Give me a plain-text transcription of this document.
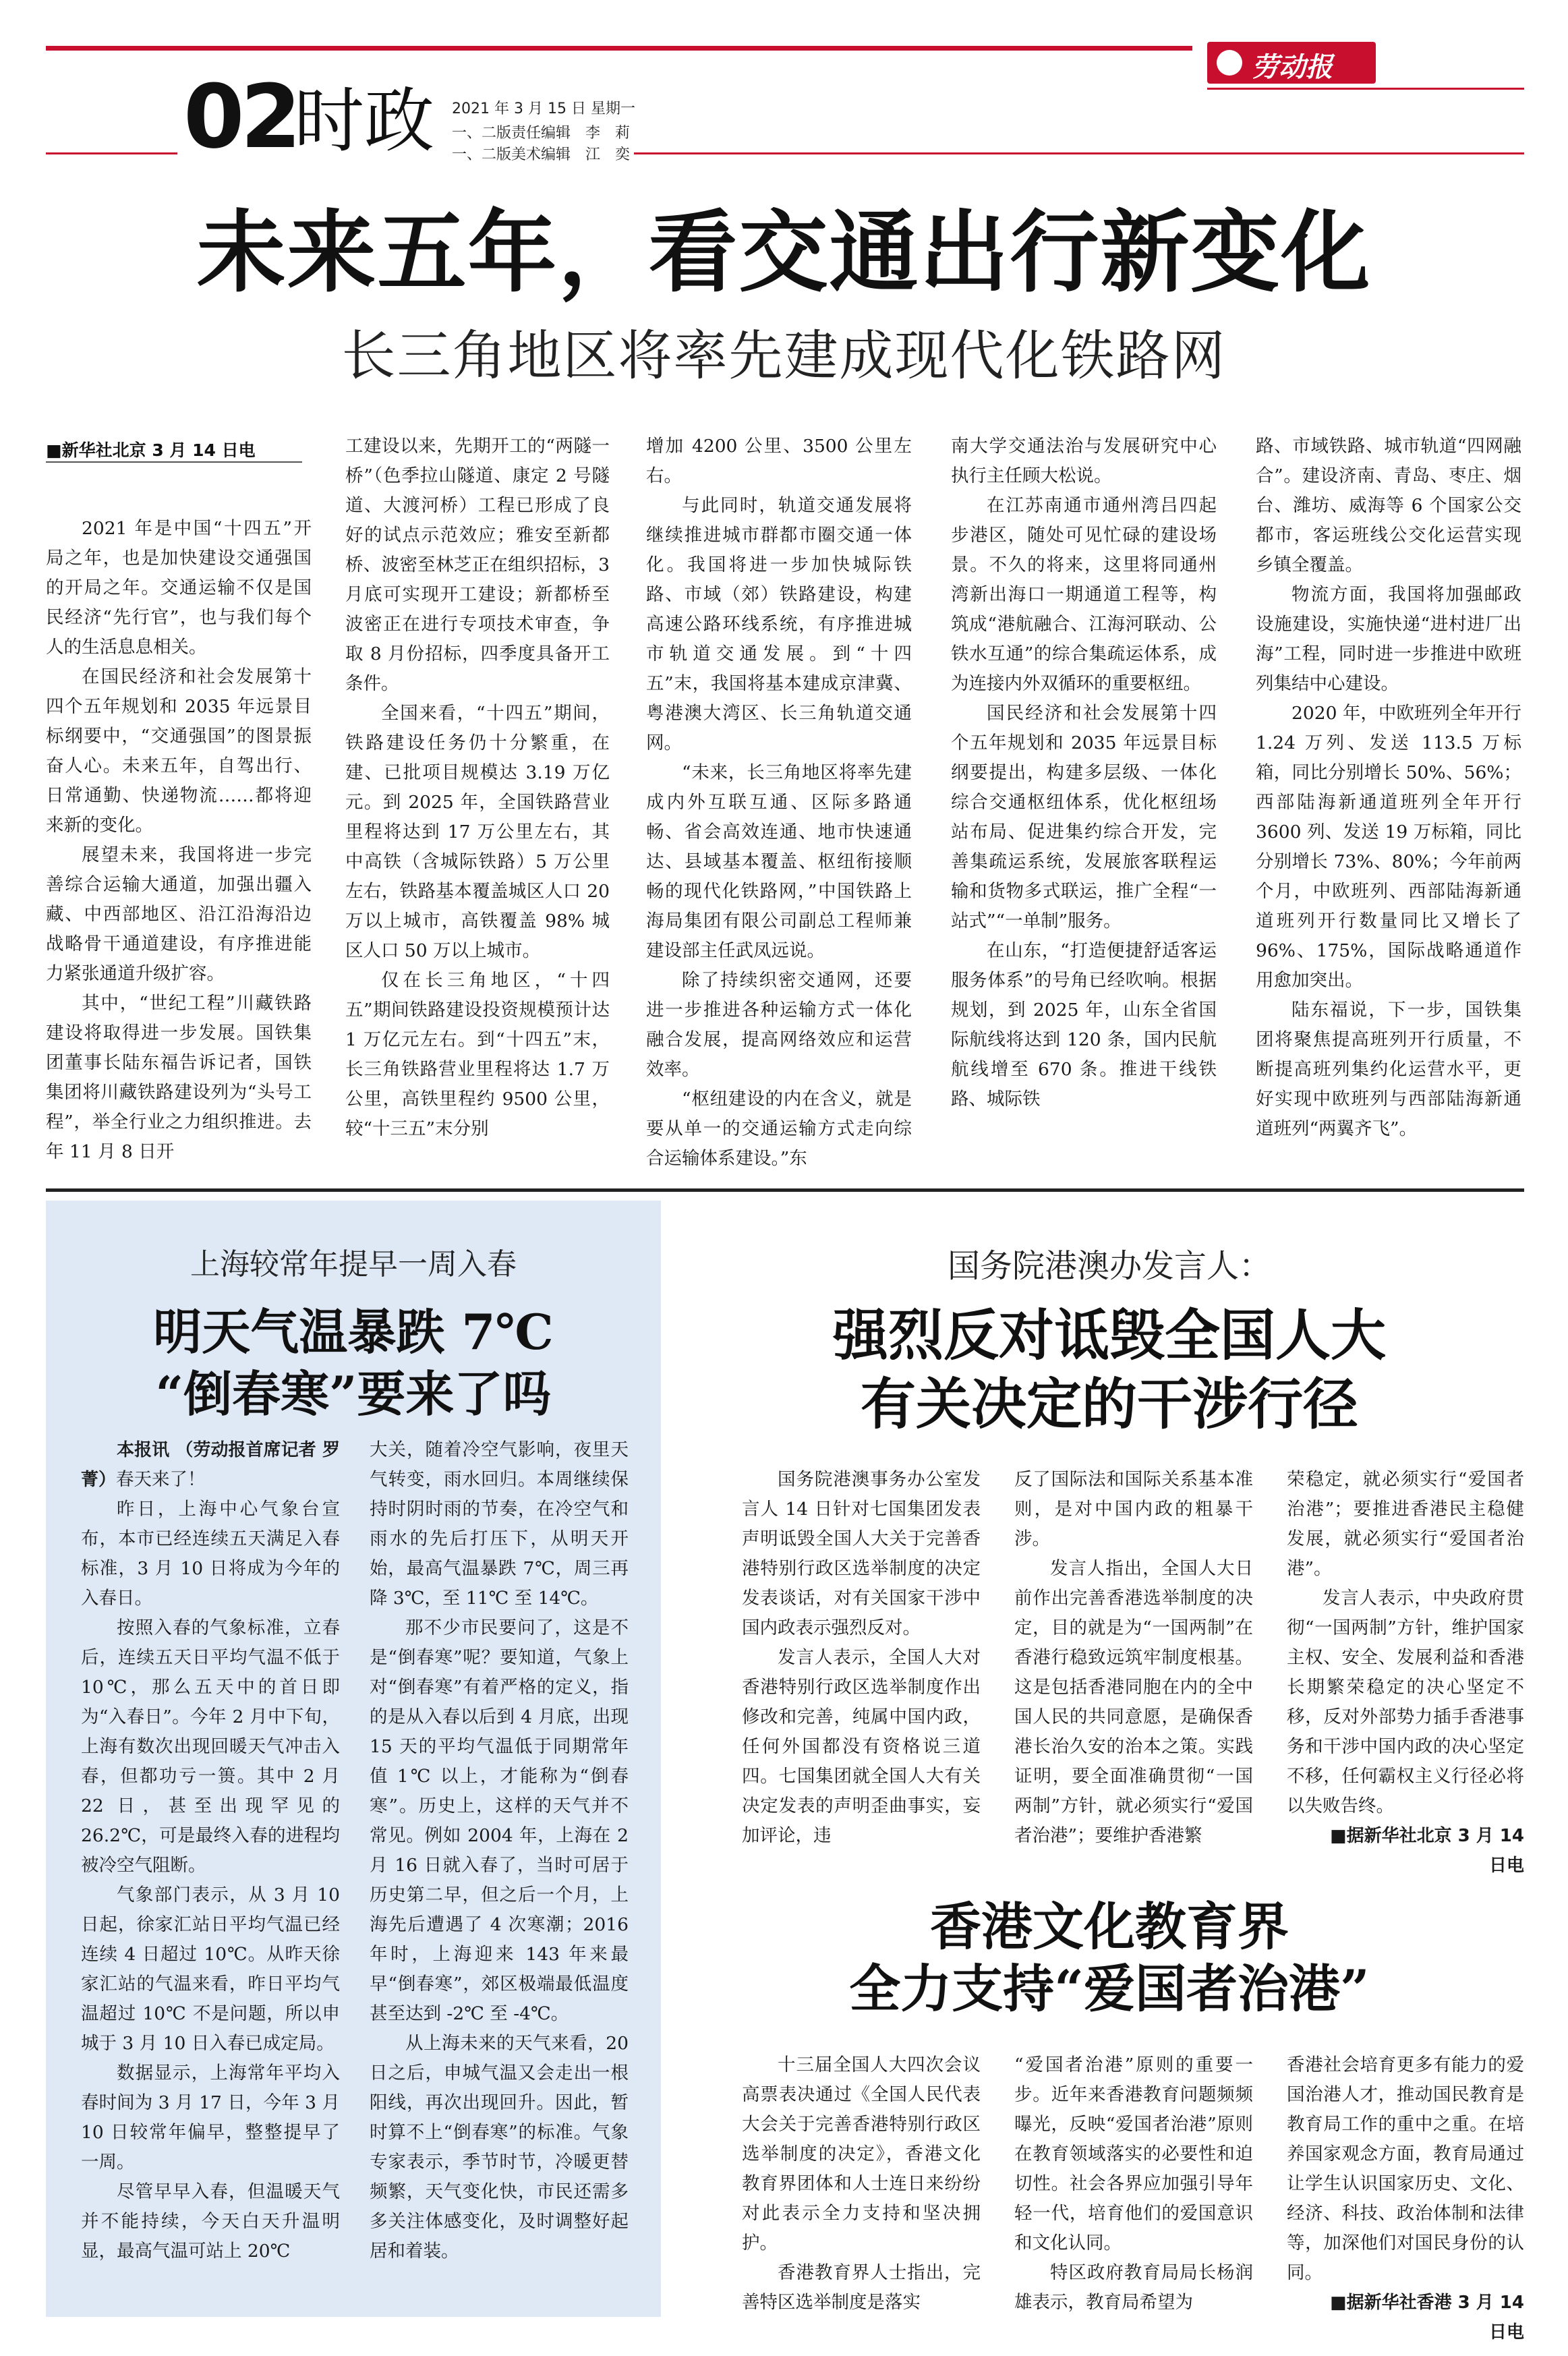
劳动报
02
时政 2021 年 3 月 15 日 星期一
一、二版责任编辑　李　莉
一、二版美术编辑　江　奕
未来五年，看交通出行新变化
长三角地区将率先建成现代化铁路网
■新华社北京 3 月 14 日电

2021 年是中国“十四五”开局之年，也是加快建设交通强国的开局之年。交通运输不仅是国民经济“先行官”，也与我们每个人的生活息息相关。

在国民经济和社会发展第十四个五年规划和 2035 年远景目标纲要中，“交通强国”的图景振奋人心。未来五年，自驾出行、日常通勤、快递物流……都将迎来新的变化。

展望未来，我国将进一步完善综合运输大通道，加强出疆入藏、中西部地区、沿江沿海沿边战略骨干通道建设，有序推进能力紧张通道升级扩容。

其中，“世纪工程”川藏铁路建设将取得进一步发展。国铁集团董事长陆东福告诉记者，国铁集团将川藏铁路建设列为“头号工程”，举全行业之力组织推进。去年 11 月 8 日开

工建设以来，先期开工的“两隧一桥”（色季拉山隧道、康定 2 号隧道、大渡河桥）工程已形成了良好的试点示范效应；雅安至新都桥、波密至林芝正在组织招标，3 月底可实现开工建设；新都桥至波密正在进行专项技术审查，争取 8 月份招标，四季度具备开工条件。

全国来看，“十四五”期间，铁路建设任务仍十分繁重，在建、已批项目规模达 3.19 万亿元。到 2025 年，全国铁路营业里程将达到 17 万公里左右，其中高铁（含城际铁路）5 万公里左右，铁路基本覆盖城区人口 20 万以上城市，高铁覆盖 98% 城区人口 50 万以上城市。

仅在长三角地区，“十四五”期间铁路建设投资规模预计达 1 万亿元左右。到“十四五”末，长三角铁路营业里程将达 1.7 万公里，高铁里程约 9500 公里，较“十三五”末分别

增加 4200 公里、3500 公里左右。

与此同时，轨道交通发展将继续推进城市群都市圈交通一体化。我国将进一步加快城际铁路、市域（郊）铁路建设，构建高速公路环线系统，有序推进城市轨道交通发展。到“十四五”末，我国将基本建成京津冀、粤港澳大湾区、长三角轨道交通网。

“未来，长三角地区将率先建成内外互联互通、区际多路通畅、省会高效连通、地市快速通达、县域基本覆盖、枢纽衔接顺畅的现代化铁路网，”中国铁路上海局集团有限公司副总工程师兼建设部主任武凤远说。

除了持续织密交通网，还要进一步推进各种运输方式一体化融合发展，提高网络效应和运营效率。

“枢纽建设的内在含义，就是要从单一的交通运输方式走向综合运输体系建设。”东

南大学交通法治与发展研究中心执行主任顾大松说。

在江苏南通市通州湾吕四起步港区，随处可见忙碌的建设场景。不久的将来，这里将同通州湾新出海口一期通道工程等，构筑成“港航融合、江海河联动、公铁水互通”的综合集疏运体系，成为连接内外双循环的重要枢纽。

国民经济和社会发展第十四个五年规划和 2035 年远景目标纲要提出，构建多层级、一体化综合交通枢纽体系，优化枢纽场站布局、促进集约综合开发，完善集疏运系统，发展旅客联程运输和货物多式联运，推广全程“一站式”“一单制”服务。

在山东，“打造便捷舒适客运服务体系”的号角已经吹响。根据规划，到 2025 年，山东全省国际航线将达到 120 条，国内民航航线增至 670 条。推进干线铁路、城际铁

路、市域铁路、城市轨道“四网融合”。建设济南、青岛、枣庄、烟台、潍坊、威海等 6 个国家公交都市，客运班线公交化运营实现乡镇全覆盖。

物流方面，我国将加强邮政设施建设，实施快递“进村进厂出海”工程，同时进一步推进中欧班列集结中心建设。

2020 年，中欧班列全年开行 1.24 万列、发送 113.5 万标箱，同比分别增长 50%、56%；西部陆海新通道班列全年开行 3600 列、发送 19 万标箱，同比分别增长 73%、80%；今年前两个月，中欧班列、西部陆海新通道班列开行数量同比又增长了 96%、175%，国际战略通道作用愈加突出。

陆东福说，下一步，国铁集团将聚焦提高班列开行质量，不断提高班列集约化运营水平，更好实现中欧班列与西部陆海新通道班列“两翼齐飞”。

上海较常年提早一周入春
明天气温暴跌 7℃
“倒春寒”要来了吗

本报讯 （劳动报首席记者 罗菁）春天来了！

昨日，上海中心气象台宣布，本市已经连续五天满足入春标准，3 月 10 日将成为今年的入春日。

按照入春的气象标准，立春后，连续五天日平均气温不低于 10℃，那么五天中的首日即为“入春日”。今年 2 月中下旬，上海有数次出现回暖天气冲击入春，但都功亏一篑。其中 2 月 22 日，甚至出现罕见的 26.2℃，可是最终入春的进程均被冷空气阻断。

气象部门表示，从 3 月 10 日起，徐家汇站日平均气温已经连续 4 日超过 10℃。从昨天徐家汇站的气温来看，昨日平均气温超过 10℃ 不是问题，所以申城于 3 月 10 日入春已成定局。

数据显示，上海常年平均入春时间为 3 月 17 日，今年 3 月 10 日较常年偏早，整整提早了一周。

尽管早早入春，但温暖天气并不能持续，今天白天升温明显，最高气温可站上 20℃

大关，随着冷空气影响，夜里天气转变，雨水回归。本周继续保持时阴时雨的节奏，在冷空气和雨水的先后打压下，从明天开始，最高气温暴跌 7℃，周三再降 3℃，至 11℃ 至 14℃。

那不少市民要问了，这是不是“倒春寒”呢？要知道，气象上对“倒春寒”有着严格的定义，指的是从入春以后到 4 月底，出现 15 天的平均气温低于同期常年值 1℃ 以上，才能称为“倒春寒”。历史上，这样的天气并不常见。例如 2004 年，上海在 2 月 16 日就入春了，当时可居于历史第二早，但之后一个月，上海先后遭遇了 4 次寒潮；2016 年时，上海迎来 143 年来最早“倒春寒”，郊区极端最低温度甚至达到 -2℃ 至 -4℃。

从上海未来的天气来看，20 日之后，申城气温又会走出一根阳线，再次出现回升。因此，暂时算不上“倒春寒”的标准。气象专家表示，季节时节，冷暖更替频繁，天气变化快，市民还需多多关注体感变化，及时调整好起居和着装。

国务院港澳办发言人：
强烈反对诋毁全国人大
有关决定的干涉行径

国务院港澳事务办公室发言人 14 日针对七国集团发表声明诋毁全国人大关于完善香港特别行政区选举制度的决定发表谈话，对有关国家干涉中国内政表示强烈反对。

发言人表示，全国人大对香港特别行政区选举制度作出修改和完善，纯属中国内政，任何外国都没有资格说三道四。七国集团就全国人大有关决定发表的声明歪曲事实，妄加评论，违

反了国际法和国际关系基本准则，是对中国内政的粗暴干涉。

发言人指出，全国人大日前作出完善香港选举制度的决定，目的就是为“一国两制”在香港行稳致远筑牢制度根基。这是包括香港同胞在内的全中国人民的共同意愿，是确保香港长治久安的治本之策。实践证明，要全面准确贯彻“一国两制”方针，就必须实行“爱国者治港”；要维护香港繁

荣稳定，就必须实行“爱国者治港”；要推进香港民主稳健发展，就必须实行“爱国者治港”。

发言人表示，中央政府贯彻“一国两制”方针，维护国家主权、安全、发展利益和香港长期繁荣稳定的决心坚定不移，反对外部势力插手香港事务和干涉中国内政的决心坚定不移，任何霸权主义行径必将以失败告终。

■据新华社北京 3 月 14 日电

香港文化教育界
全力支持“爱国者治港”

十三届全国人大四次会议高票表决通过《全国人民代表大会关于完善香港特别行政区选举制度的决定》，香港文化教育界团体和人士连日来纷纷对此表示全力支持和坚决拥护。

香港教育界人士指出，完善特区选举制度是落实

“爱国者治港”原则的重要一步。近年来香港教育问题频频曝光，反映“爱国者治港”原则在教育领域落实的必要性和迫切性。社会各界应加强引导年轻一代，培育他们的爱国意识和文化认同。

特区政府教育局局长杨润雄表示，教育局希望为

香港社会培育更多有能力的爱国治港人才，推动国民教育是教育局工作的重中之重。在培养国家观念方面，教育局通过让学生认识国家历史、文化、经济、科技、政治体制和法律等，加深他们对国民身份的认同。

■据新华社香港 3 月 14 日电
